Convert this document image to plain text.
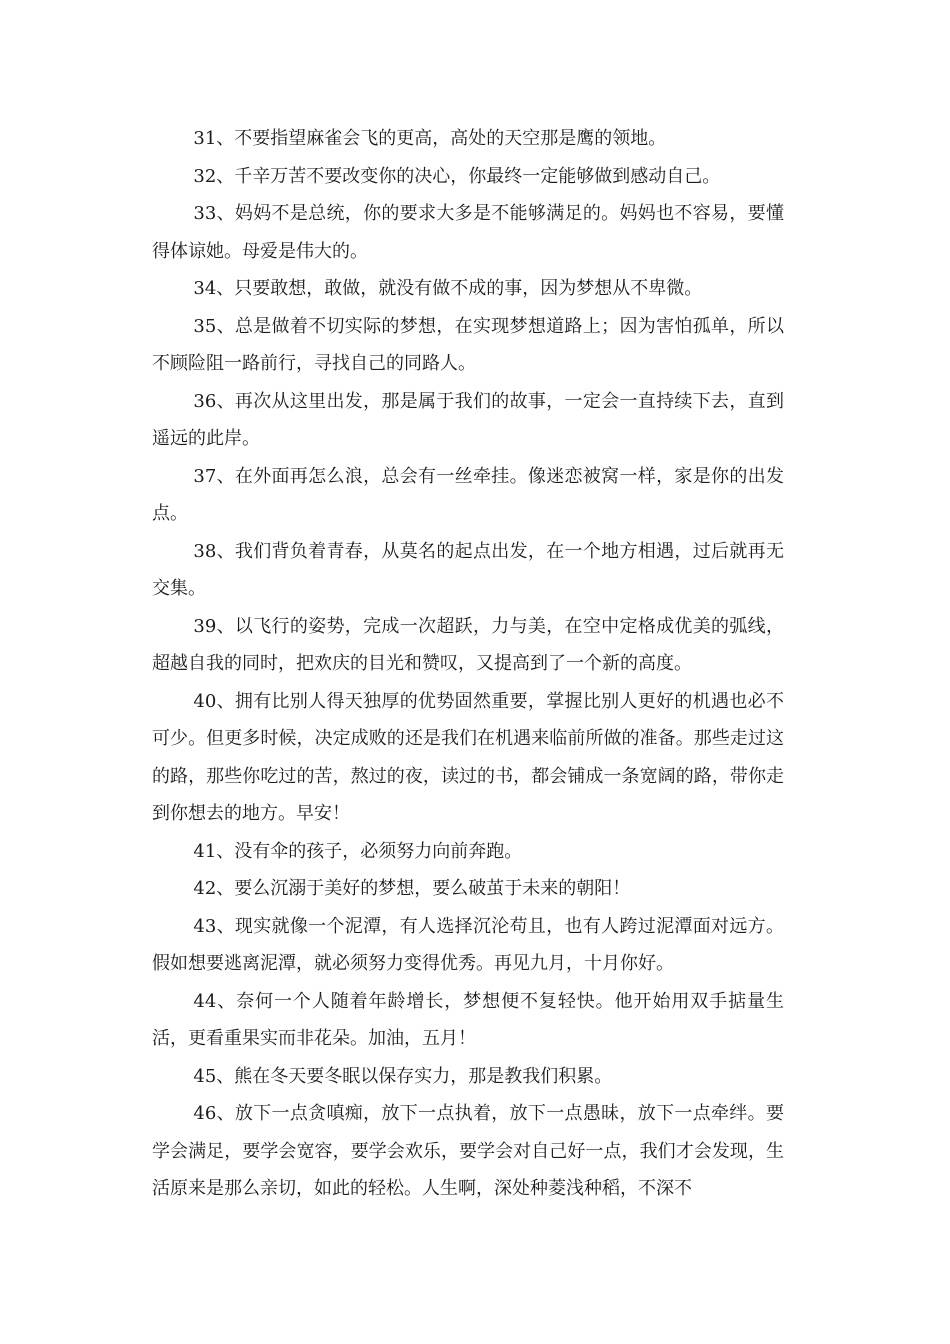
31、不要指望麻雀会飞的更高，高处的天空那是鹰的领地。

32、千辛万苦不要改变你的决心，你最终一定能够做到感动自己。

33、妈妈不是总统，你的要求大多是不能够满足的。妈妈也不容易，要懂得体谅她。母爱是伟大的。

34、只要敢想，敢做，就没有做不成的事，因为梦想从不卑微。

35、总是做着不切实际的梦想，在实现梦想道路上；因为害怕孤单，所以不顾险阻一路前行，寻找自己的同路人。

36、再次从这里出发，那是属于我们的故事，一定会一直持续下去，直到遥远的此岸。

37、在外面再怎么浪，总会有一丝牵挂。像迷恋被窝一样，家是你的出发点。

38、我们背负着青春，从莫名的起点出发，在一个地方相遇，过后就再无交集。

39、以飞行的姿势，完成一次超跃，力与美，在空中定格成优美的弧线，超越自我的同时，把欢庆的目光和赞叹，又提高到了一个新的高度。

40、拥有比别人得天独厚的优势固然重要，掌握比别人更好的机遇也必不可少。但更多时候，决定成败的还是我们在机遇来临前所做的准备。那些走过这的路，那些你吃过的苦，熬过的夜，读过的书，都会铺成一条宽阔的路，带你走到你想去的地方。早安！

41、没有伞的孩子，必须努力向前奔跑。

42、要么沉溺于美好的梦想，要么破茧于未来的朝阳！

43、现实就像一个泥潭，有人选择沉沦苟且，也有人跨过泥潭面对远方。假如想要逃离泥潭，就必须努力变得优秀。再见九月，十月你好。

44、奈何一个人随着年龄增长，梦想便不复轻快。他开始用双手掂量生活，更看重果实而非花朵。加油，五月！

45、熊在冬天要冬眠以保存实力，那是教我们积累。

46、放下一点贪嗔痴，放下一点执着，放下一点愚昧，放下一点牵绊。要学会满足，要学会宽容，要学会欢乐，要学会对自己好一点，我们才会发现，生活原来是那么亲切，如此的轻松。人生啊，深处种菱浅种稻，不深不
